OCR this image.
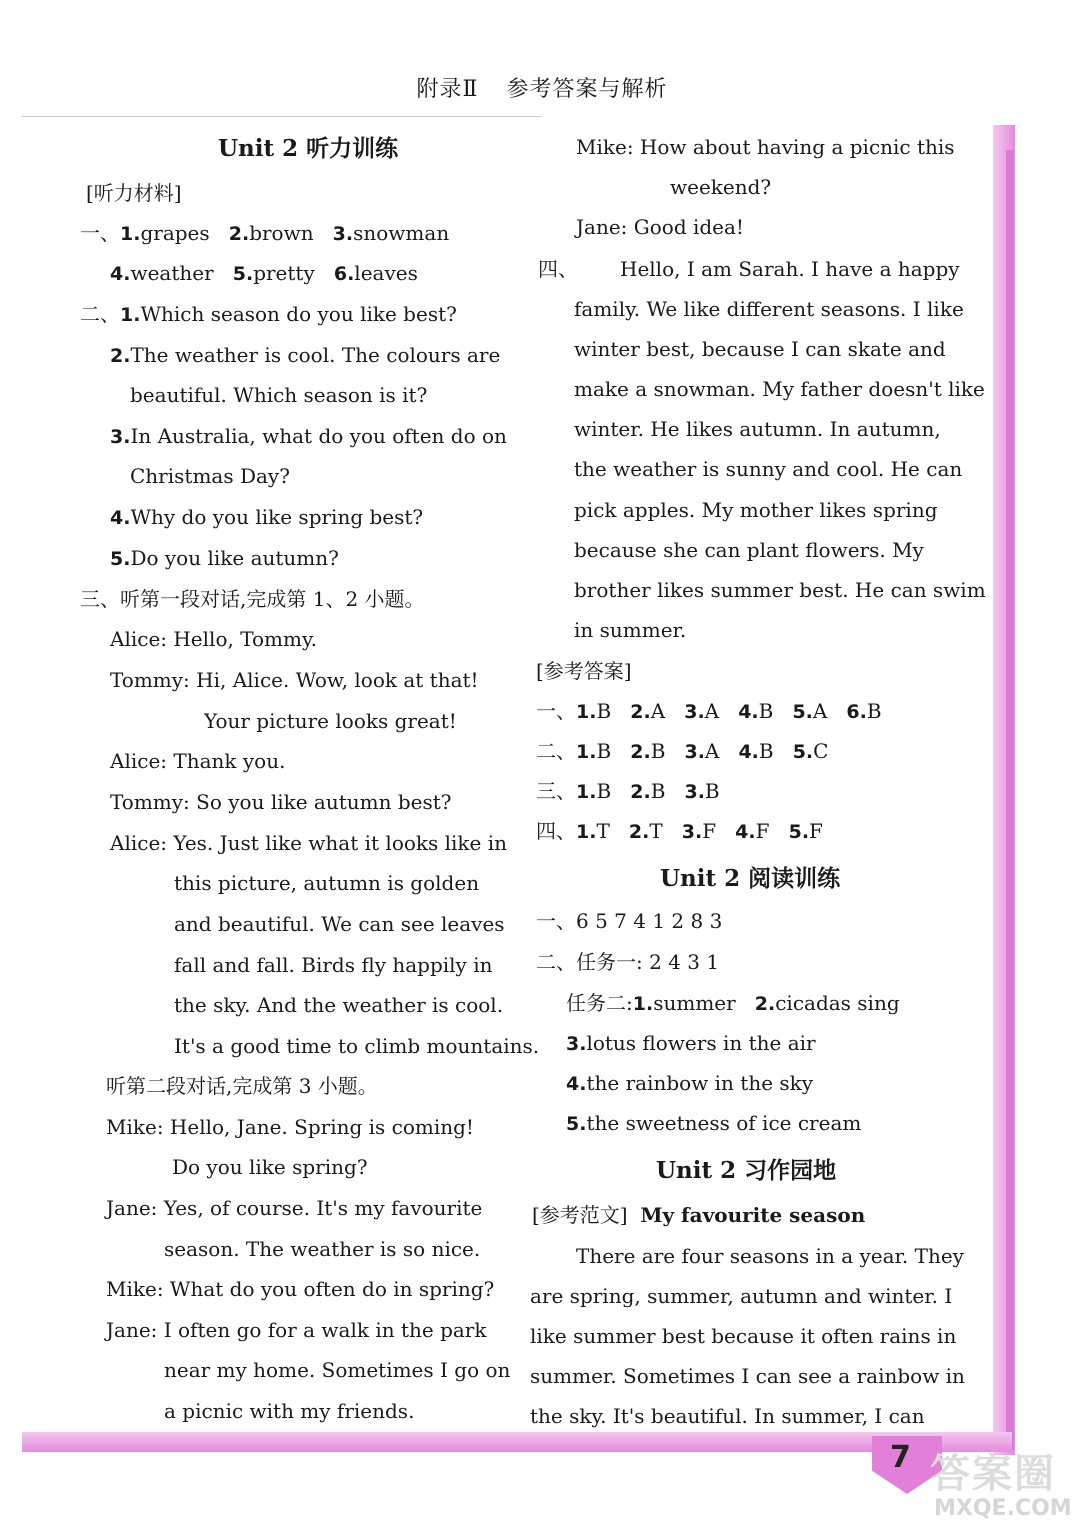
附录Ⅱ 参考答案与解析
Unit 2 听力训练
[听力材料]
一、1.grapes 2.brown 3.snowman
4.weather 5.pretty 6.leaves
二、1.Which season do you like best?
2.The weather is cool. The colours are
beautiful. Which season is it?
3.In Australia, what do you often do on
Christmas Day?
4.Why do you like spring best?
5.Do you like autumn?
三、听第一段对话,完成第 1、2 小题。
Alice: Hello, Tommy.
Tommy: Hi, Alice. Wow, look at that!
Your picture looks great!
Alice: Thank you.
Tommy: So you like autumn best?
Alice: Yes. Just like what it looks like in
this picture, autumn is golden
and beautiful. We can see leaves
fall and fall. Birds fly happily in
the sky. And the weather is cool.
It's a good time to climb mountains.
听第二段对话,完成第 3 小题。
Mike: Hello, Jane. Spring is coming!
Do you like spring?
Jane: Yes, of course. It's my favourite
season. The weather is so nice.
Mike: What do you often do in spring?
Jane: I often go for a walk in the park
near my home. Sometimes I go on
a picnic with my friends.
Mike: How about having a picnic this
weekend?
Jane: Good idea!
四、 Hello, I am Sarah. I have a happy
family. We like different seasons. I like
winter best, because I can skate and
make a snowman. My father doesn't like
winter. He likes autumn. In autumn,
the weather is sunny and cool. He can
pick apples. My mother likes spring
because she can plant flowers. My
brother likes summer best. He can swim
in summer.
[参考答案]
一、1.B 2.A 3.A 4.B 5.A 6.B
二、1.B 2.B 3.A 4.B 5.C
三、1.B 2.B 3.B
四、1.T 2.T 3.F 4.F 5.F
Unit 2 阅读训练
一、6 5 7 4 1 2 8 3
二、任务一: 2 4 3 1
任务二:1.summer 2.cicadas sing
3.lotus flowers in the air
4.the rainbow in the sky
5.the sweetness of ice cream
Unit 2 习作园地
[参考范文] My favourite season
There are four seasons in a year. They
are spring, summer, autumn and winter. I
like summer best because it often rains in
summer. Sometimes I can see a rainbow in
the sky. It's beautiful. In summer, I can
7 答案圈
MXQE.COM
